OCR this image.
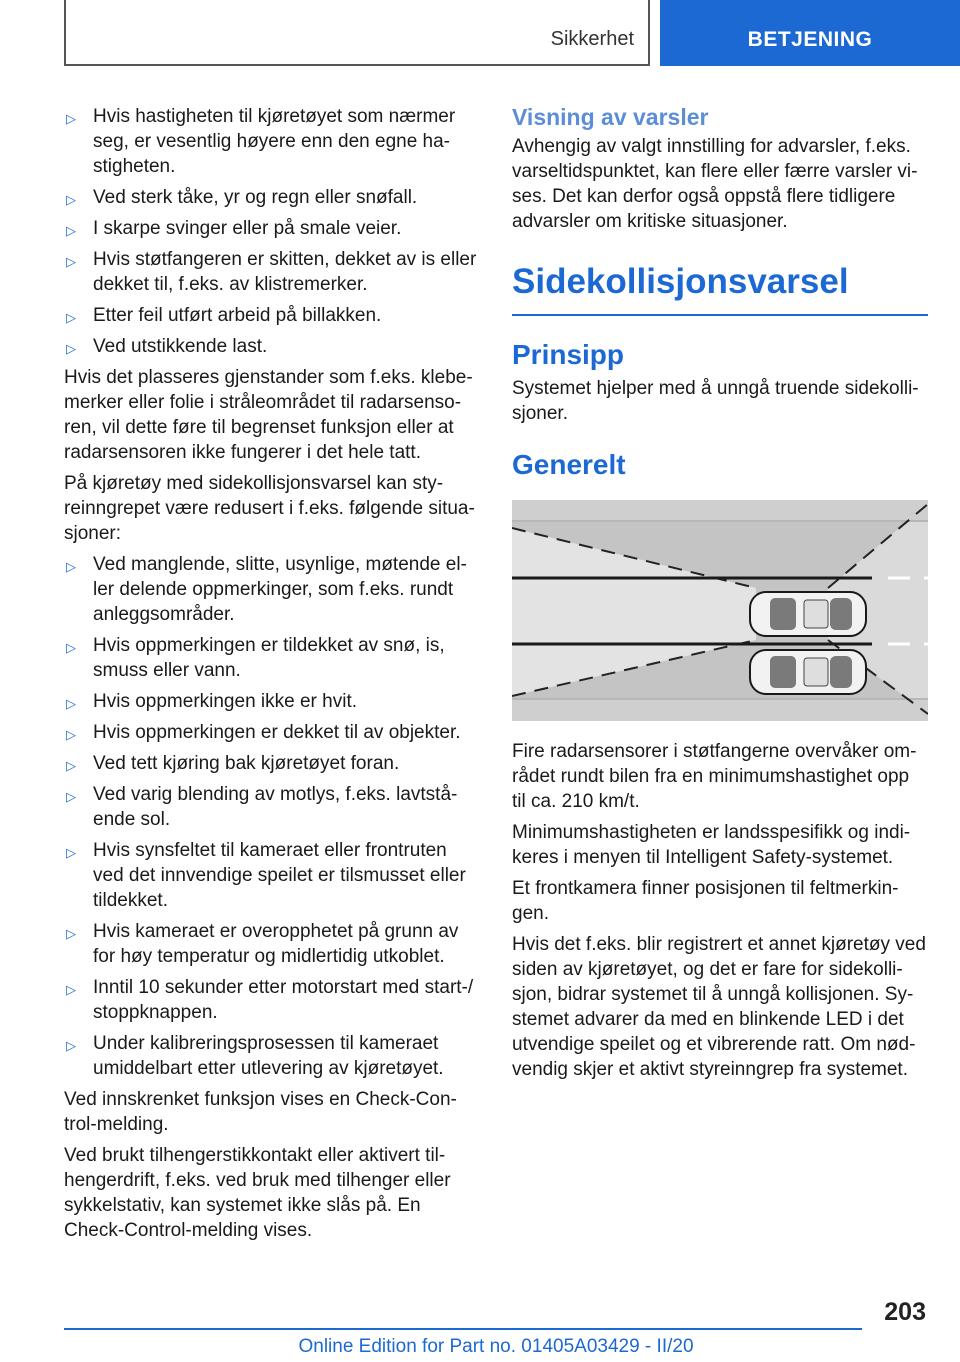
Sikkerhet	BETJENING
▷ Hvis hastigheten til kjøretøyet som nærmer seg, er vesentlig høyere enn den egne ha-stigheten.
▷ Ved sterk tåke, yr og regn eller snøfall.
▷ I skarpe svinger eller på smale veier.
▷ Hvis støtfangeren er skitten, dekket av is eller dekket til, f.eks. av klistremerker.
▷ Etter feil utført arbeid på billakken.
▷ Ved utstikkende last.

Hvis det plasseres gjenstander som f.eks. klebe-merker eller folie i stråleområdet til radarsenso-ren, vil dette føre til begrenset funksjon eller at radarsensoren ikke fungerer i det hele tatt.

På kjøretøy med sidekollisjonsvarsel kan sty-reinngrepet være redusert i f.eks. følgende situa-sjoner:

▷ Ved manglende, slitte, usynlige, møtende el-ler delende oppmerkinger, som f.eks. rundt anleggsområder.
▷ Hvis oppmerkingen er tildekket av snø, is, smuss eller vann.
▷ Hvis oppmerkingen ikke er hvit.
▷ Hvis oppmerkingen er dekket til av objekter.
▷ Ved tett kjøring bak kjøretøyet foran.
▷ Ved varig blending av motlys, f.eks. lavtstå-ende sol.
▷ Hvis synsfeltet til kameraet eller frontruten ved det innvendige speilet er tilsmusset eller tildekket.
▷ Hvis kameraet er overopphetet på grunn av for høy temperatur og midlertidig utkoblet.
▷ Inntil 10 sekunder etter motorstart med start-/ stoppknappen.
▷ Under kalibreringsprosessen til kameraet umiddelbart etter utlevering av kjøretøyet.

Ved innskrenket funksjon vises en Check-Con-trol-melding.

Ved brukt tilhengerstikkontakt eller aktivert til-hengerdrift, f.eks. ved bruk med tilhenger eller sykkelstativ, kan systemet ikke slås på. En Check-Control-melding vises.

Visning av varsler

Avhengig av valgt innstilling for advarsler, f.eks. varseltidspunktet, kan flere eller færre varsler vi-ses. Det kan derfor også oppstå flere tidligere advarsler om kritiske situasjoner.

Sidekollisjonsvarsel
Prinsipp

Systemet hjelper med å unngå truende sidekolli-sjoner.

Generelt

Fire radarsensorer i støtfangerne overvåker om-rådet rundt bilen fra en minimumshastighet opp til ca. 210 km/t.

Minimumshastigheten er landsspesifikk og indi-keres i menyen til Intelligent Safety-systemet.

Et frontkamera finner posisjonen til feltmerkin-gen.

Hvis det f.eks. blir registrert et annet kjøretøy ved siden av kjøretøyet, og det er fare for sidekolli-sjon, bidrar systemet til å unngå kollisjonen. Sy-stemet advarer da med en blinkende LED i det utvendige speilet og et vibrerende ratt. Om nød-vendig skjer et aktivt styreinngrep fra systemet.

203
Online Edition for Part no. 01405A03429 - II/20
